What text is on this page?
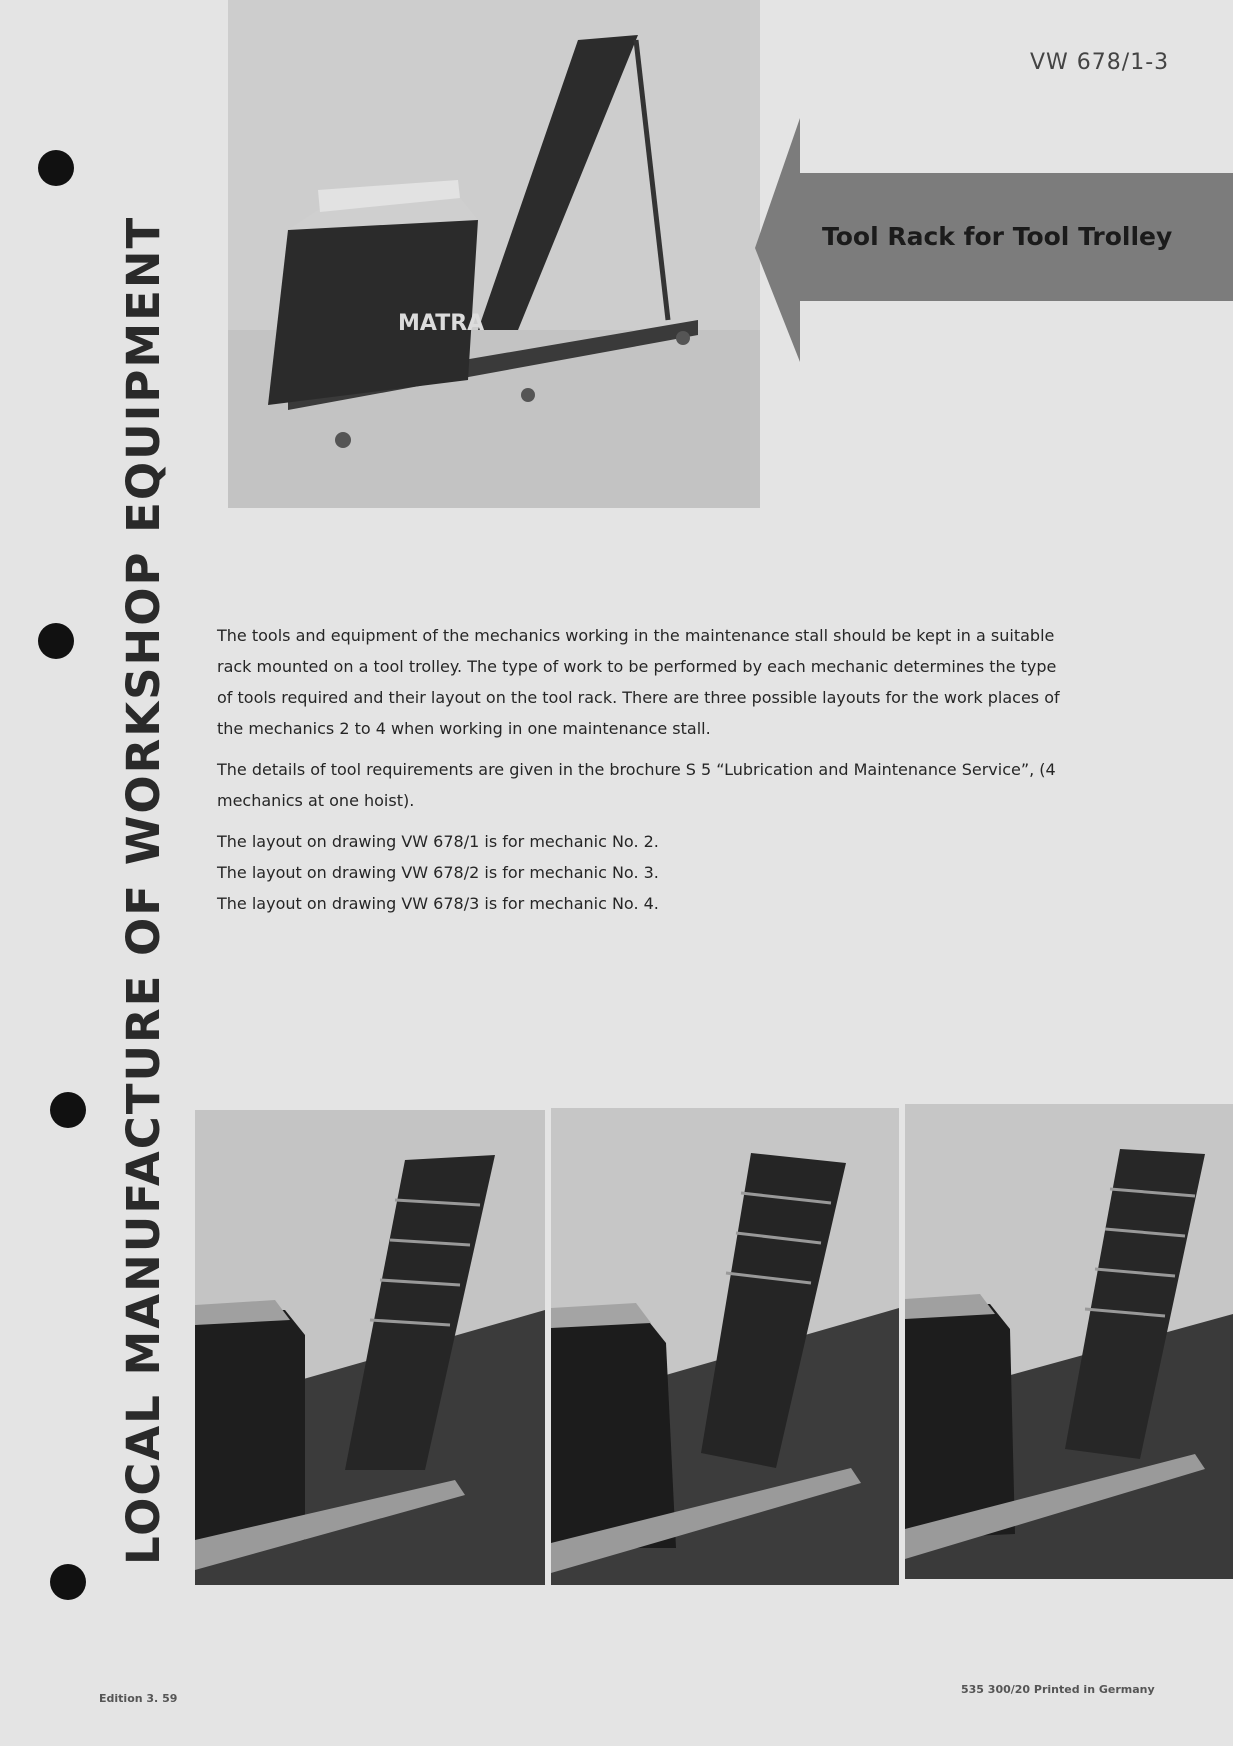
LOCAL MANUFACTURE OF WORKSHOP EQUIPMENT
VW 678/1-3
MATRA
Tool Rack for Tool Trolley

The tools and equipment of the mechanics working in the maintenance stall should be kept in a suitable rack mounted on a tool trolley. The type of work to be performed by each mechanic determines the type of tools required and their layout on the tool rack. There are three possible layouts for the work places of the mechanics 2 to 4 when working in one maintenance stall.

The details of tool requirements are given in the brochure S 5 “Lubrication and Maintenance Service”, (4 mechanics at one hoist).

The layout on drawing VW 678/1 is for mechanic No. 2.
The layout on drawing VW 678/2 is for mechanic No. 3.
The layout on drawing VW 678/3 is for mechanic No. 4.
Edition 3. 59
535 300/20 Printed in Germany
